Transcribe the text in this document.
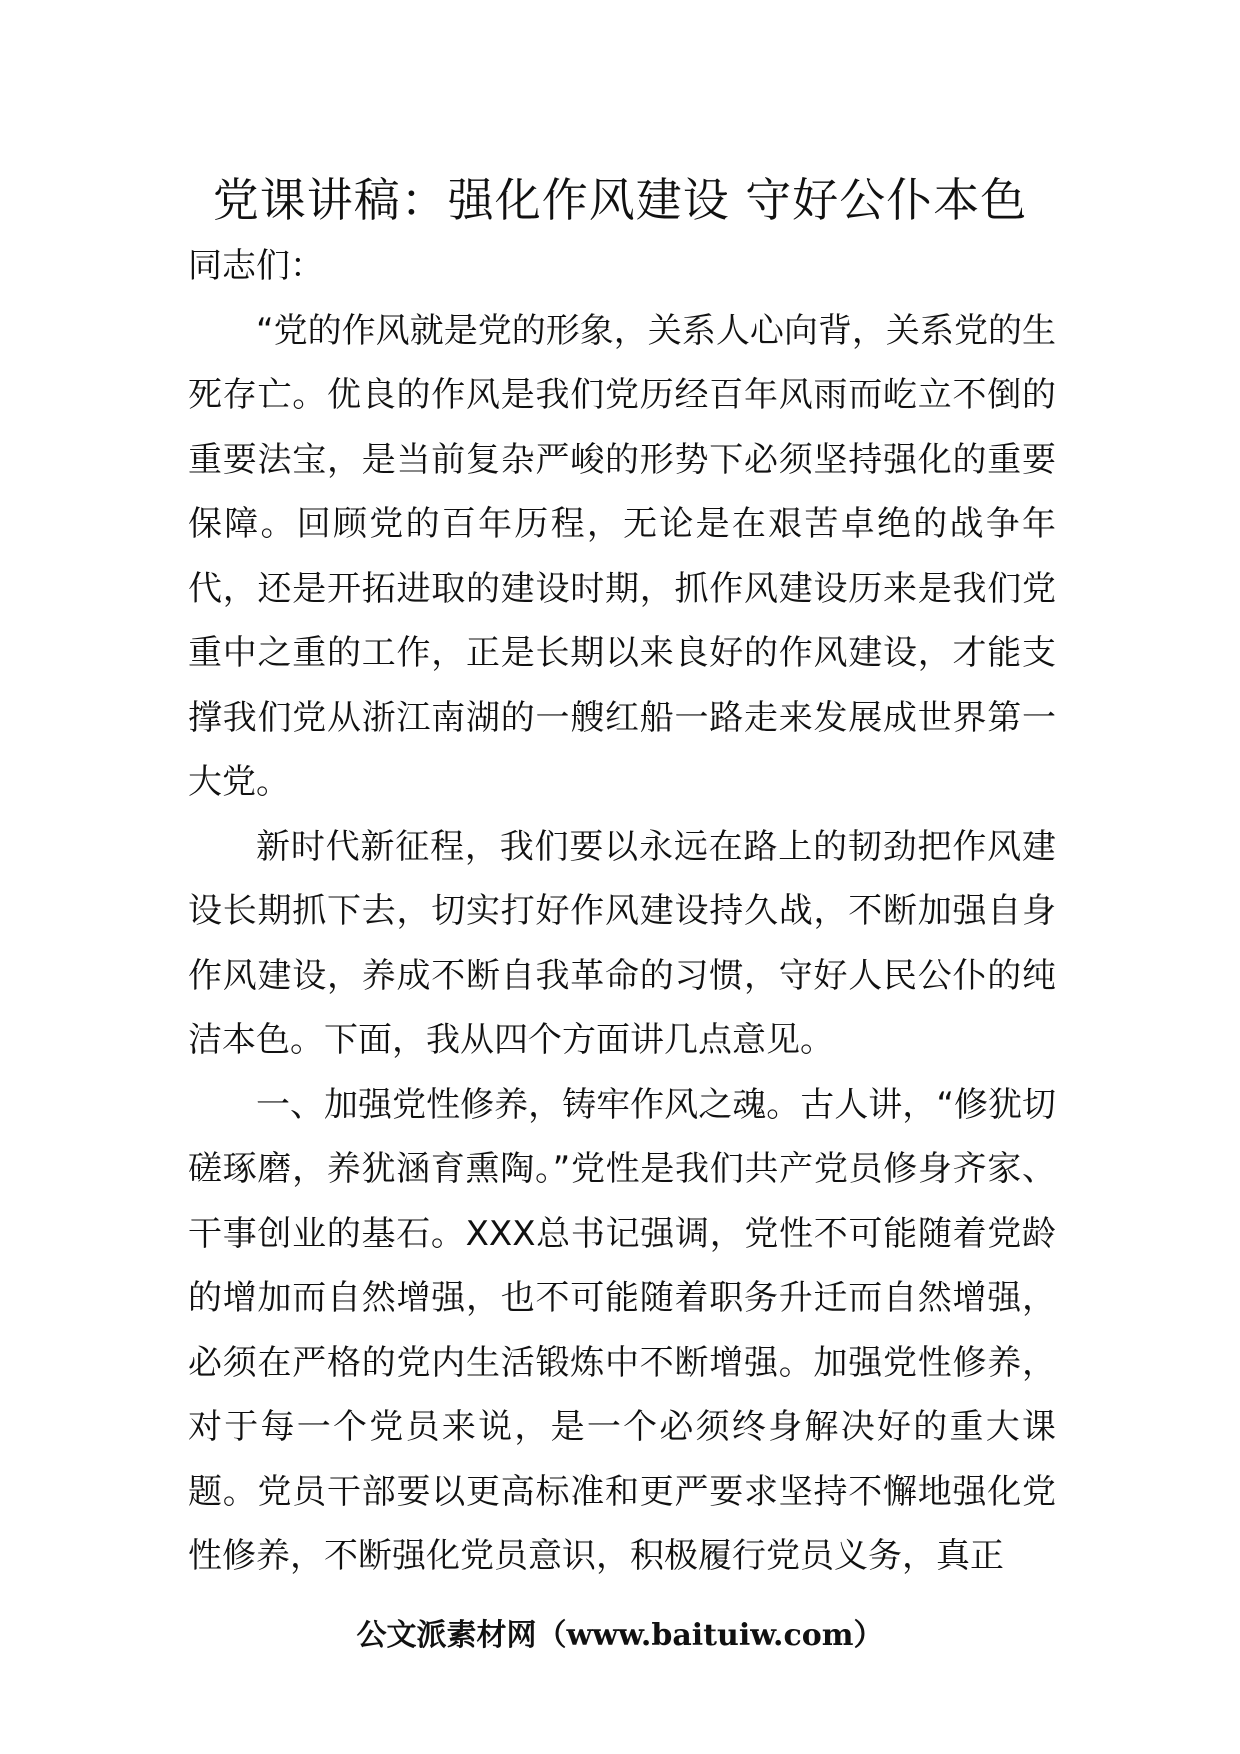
党课讲稿：强化作风建设 守好公仆本色

同志们：

“党的作风就是党的形象，关系人心向背，关系党的生死存亡。优良的作风是我们党历经百年风雨而屹立不倒的重要法宝，是当前复杂严峻的形势下必须坚持强化的重要保障。回顾党的百年历程，无论是在艰苦卓绝的战争年代，还是开拓进取的建设时期，抓作风建设历来是我们党重中之重的工作，正是长期以来良好的作风建设，才能支撑我们党从浙江南湖的一艘红船一路走来发展成世界第一大党。

新时代新征程，我们要以永远在路上的韧劲把作风建设长期抓下去，切实打好作风建设持久战，不断加强自身作风建设，养成不断自我革命的习惯，守好人民公仆的纯洁本色。下面，我从四个方面讲几点意见。

一、加强党性修养，铸牢作风之魂。古人讲，“修犹切磋琢磨，养犹涵育熏陶。”党性是我们共产党员修身齐家、干事创业的基石。XXX总书记强调，党性不可能随着党龄的增加而自然增强，也不可能随着职务升迁而自然增强，必须在严格的党内生活锻炼中不断增强。加强党性修养，对于每一个党员来说，是一个必须终身解决好的重大课题。党员干部要以更高标准和更严要求坚持不懈地强化党性修养，不断强化党员意识，积极履行党员义务，真正

公文派素材网（www.baituiw.com）
